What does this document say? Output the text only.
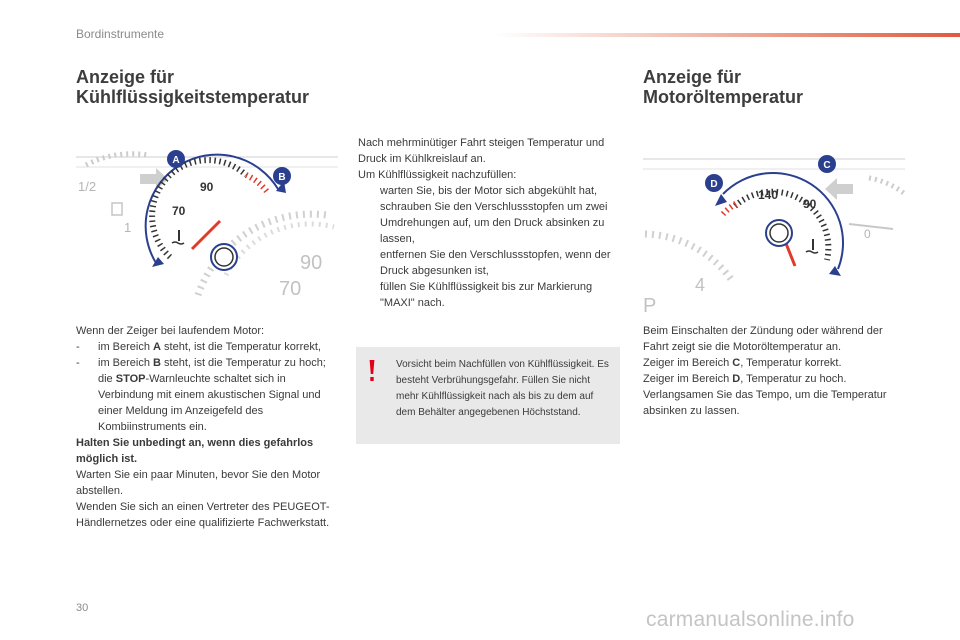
Bordinstrumente
Anzeige für
Kühlflüssigkeitstemperatur
Anzeige für
Motoröltemperatur
1/2
1
90
70
90
70
A
B
0
4
P
140
90
C
D

Wenn der Zeiger bei laufendem Motor:

- im Bereich A steht, ist die Temperatur korrekt,

- im Bereich B steht, ist die Temperatur zu hoch; die STOP-Warnleuchte schaltet sich in Verbindung mit einem akustischen Signal und einer Meldung im Anzeigefeld des Kombiinstruments ein.

Halten Sie unbedingt an, wenn dies gefahrlos möglich ist.

Warten Sie ein paar Minuten, bevor Sie den Motor abstellen.

Wenden Sie sich an einen Vertreter des PEUGEOT-Händlernetzes oder eine qualifizierte Fachwerkstatt.

Nach mehrminütiger Fahrt steigen Temperatur und Druck im Kühlkreislauf an.

Um Kühlflüssigkeit nachzufüllen:

warten Sie, bis der Motor sich abgekühlt hat,

schrauben Sie den Verschlussstopfen um zwei Umdrehungen auf, um den Druck absinken zu lassen,

entfernen Sie den Verschlussstopfen, wenn der Druck abgesunken ist,

füllen Sie Kühlflüssigkeit bis zur Markierung "MAXI" nach.

Vorsicht beim Nachfüllen von Kühlflüssigkeit. Es besteht Verbrühungsgefahr. Füllen Sie nicht mehr Kühlflüssigkeit nach als bis zu dem auf dem Behälter angegebenen Höchststand.

Beim Einschalten der Zündung oder während der Fahrt zeigt sie die Motoröltemperatur an.

Zeiger im Bereich C, Temperatur korrekt.

Zeiger im Bereich D, Temperatur zu hoch.

Verlangsamen Sie das Tempo, um die Temperatur absinken zu lassen.

30	carmanualsonline.info
